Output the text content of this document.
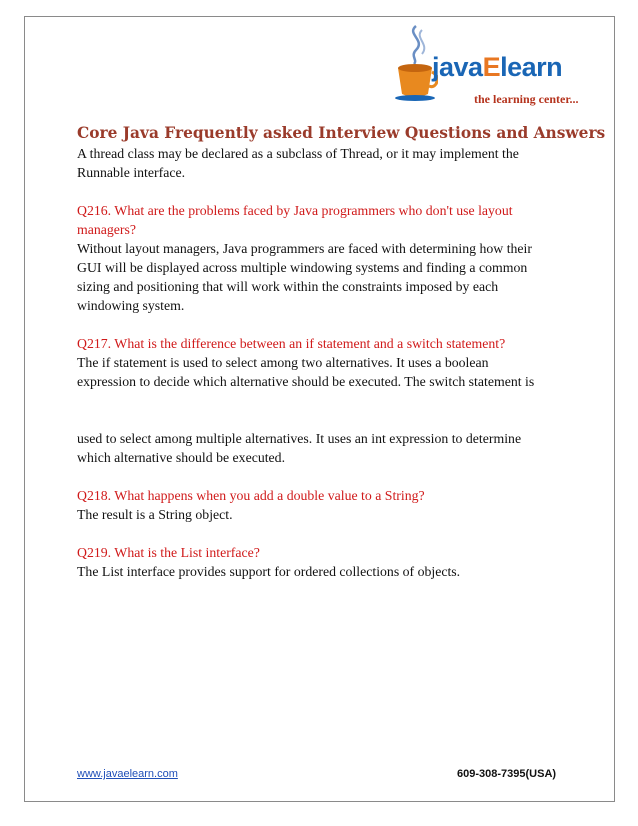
javaElearn
the learning center...
Core Java Frequently asked Interview Questions and Answers

A thread class may be declared as a subclass of Thread, or it may implement the

Runnable interface.

Q216. What are the problems faced by Java programmers who don't use layout

managers?

Without layout managers, Java programmers are faced with determining how their

GUI will be displayed across multiple windowing systems and finding a common

sizing and positioning that will work within the constraints imposed by each

windowing system.

Q217. What is the difference between an if statement and a switch statement?

The if statement is used to select among two alternatives. It uses a boolean

expression to decide which alternative should be executed. The switch statement is

used to select among multiple alternatives. It uses an int expression to determine

which alternative should be executed.

Q218. What happens when you add a double value to a String?

The result is a String object.

Q219. What is the List interface?

The List interface provides support for ordered collections of objects.

www.javaelearn.com	609-308-7395(USA)
